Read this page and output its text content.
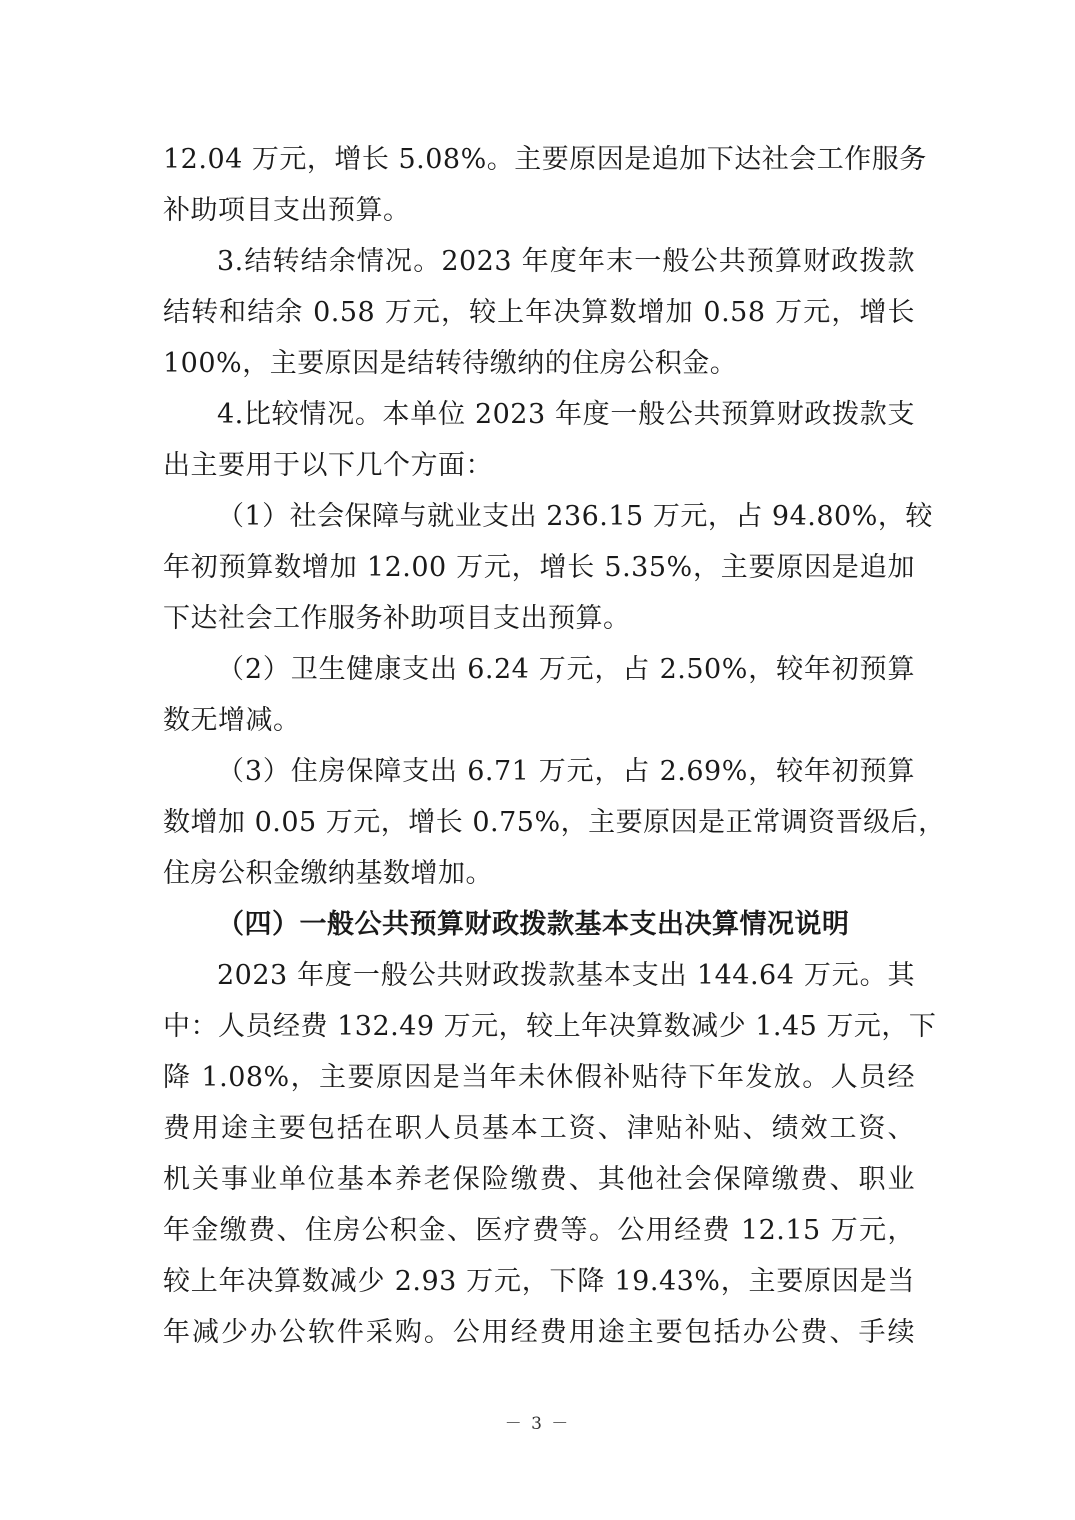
12.04 万元，增长 5.08%。主要原因是追加下达社会工作服务
补助项目支出预算。
3.结转结余情况。2023 年度年末一般公共预算财政拨款
结转和结余 0.58 万元，较上年决算数增加 0.58 万元，增长
100%，主要原因是结转待缴纳的住房公积金。
4.比较情况。本单位 2023 年度一般公共预算财政拨款支
出主要用于以下几个方面：
（1）社会保障与就业支出 236.15 万元，占 94.80%，较
年初预算数增加 12.00 万元，增长 5.35%，主要原因是追加
下达社会工作服务补助项目支出预算。
（2）卫生健康支出 6.24 万元，占 2.50%，较年初预算
数无增减。
（3）住房保障支出 6.71 万元，占 2.69%，较年初预算
数增加 0.05 万元，增长 0.75%，主要原因是正常调资晋级后，
住房公积金缴纳基数增加。
（四）一般公共预算财政拨款基本支出决算情况说明
2023 年度一般公共财政拨款基本支出 144.64 万元。其
中：人员经费 132.49 万元，较上年决算数减少 1.45 万元，下
降 1.08%，主要原因是当年未休假补贴待下年发放。人员经
费用途主要包括在职人员基本工资、津贴补贴、绩效工资、
机关事业单位基本养老保险缴费、其他社会保障缴费、职业
年金缴费、住房公积金、医疗费等。公用经费 12.15 万元，
较上年决算数减少 2.93 万元，下降 19.43%，主要原因是当
年减少办公软件采购。公用经费用途主要包括办公费、手续
－ 3 －
